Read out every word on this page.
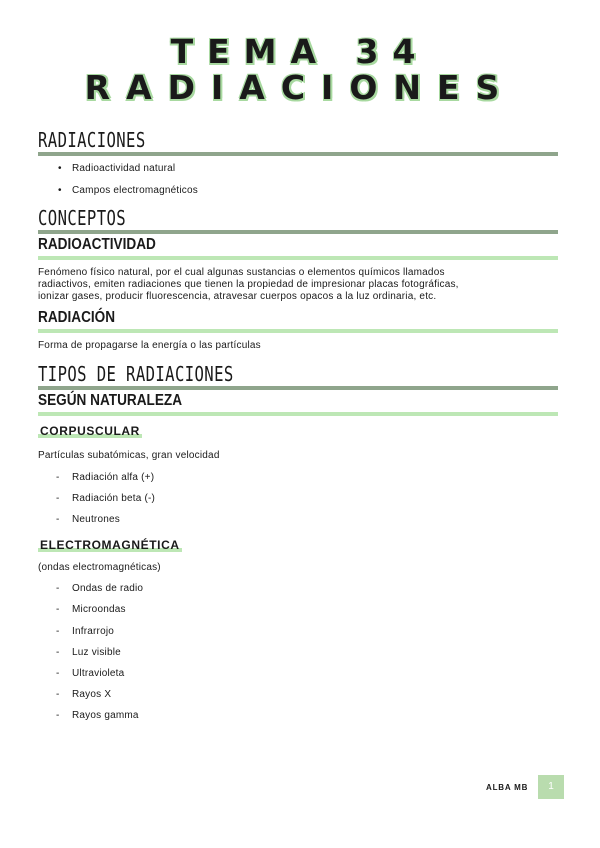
TEMA 34
RADIACIONES
RADIACIONES
• Radioactividad natural
• Campos electromagnéticos
CONCEPTOS
RADIOACTIVIDAD
Fenómeno físico natural, por el cual algunas sustancias o elementos químicos llamados
radiactivos, emiten radiaciones que tienen la propiedad de impresionar placas fotográficas,
ionizar gases, producir fluorescencia, atravesar cuerpos opacos a la luz ordinaria, etc.
RADIACIÓN
Forma de propagarse la energía o las partículas
TIPOS DE RADIACIONES
SEGÚN NATURALEZA
CORPUSCULAR
Partículas subatómicas, gran velocidad
- Radiación alfa (+)
- Radiación beta (-)
- Neutrones
ELECTROMAGNÉTICA
(ondas electromagnéticas)
- Ondas de radio
- Microondas
- Infrarrojo
- Luz visible
- Ultravioleta
- Rayos X
- Rayos gamma
ALBA MB	1
